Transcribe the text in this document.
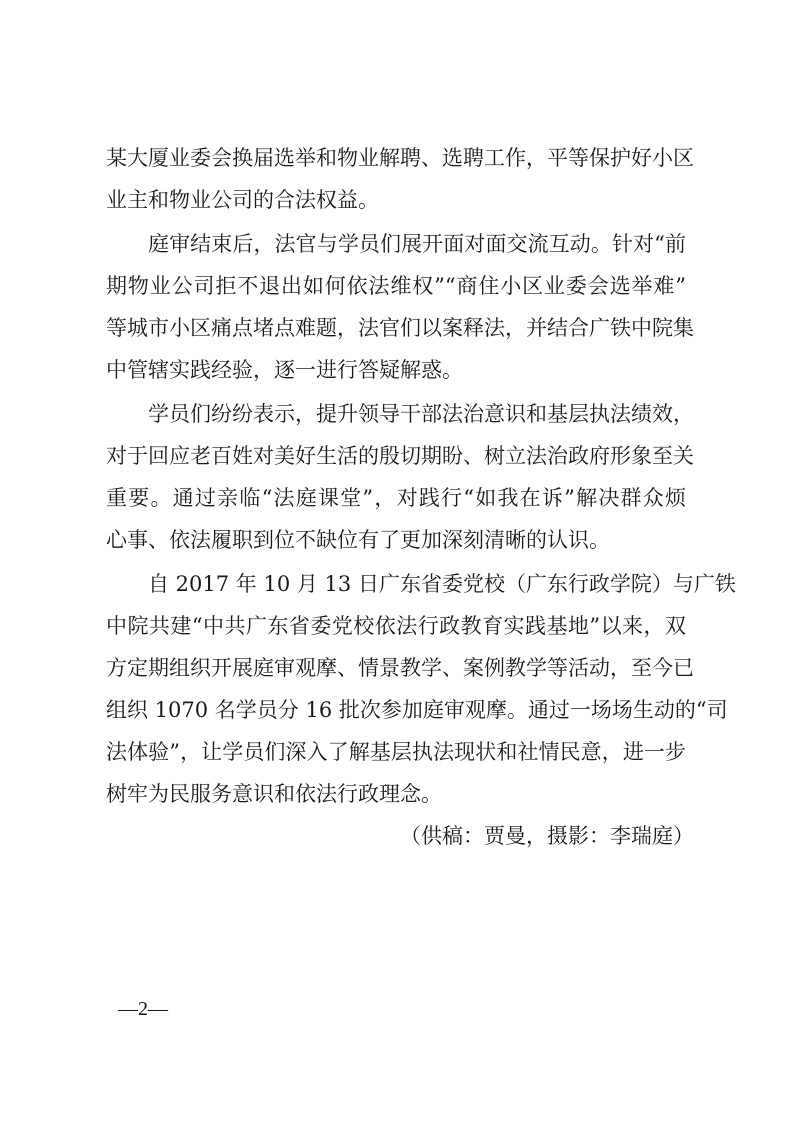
某大厦业委会换届选举和物业解聘、选聘工作，平等保护好小区
业主和物业公司的合法权益。
庭审结束后，法官与学员们展开面对面交流互动。针对“前
期物业公司拒不退出如何依法维权”“商住小区业委会选举难”
等城市小区痛点堵点难题，法官们以案释法，并结合广铁中院集
中管辖实践经验，逐一进行答疑解惑。
学员们纷纷表示，提升领导干部法治意识和基层执法绩效，
对于回应老百姓对美好生活的殷切期盼、树立法治政府形象至关
重要。通过亲临“法庭课堂”，对践行“如我在诉”解决群众烦
心事、依法履职到位不缺位有了更加深刻清晰的认识。
自 2017 年 10 月 13 日广东省委党校（广东行政学院）与广铁
中院共建“中共广东省委党校依法行政教育实践基地”以来，双
方定期组织开展庭审观摩、情景教学、案例教学等活动，至今已
组织 1070 名学员分 16 批次参加庭审观摩。通过一场场生动的“司
法体验”，让学员们深入了解基层执法现状和社情民意，进一步
树牢为民服务意识和依法行政理念。
（供稿：贾曼，摄影：李瑞庭）
—2—
